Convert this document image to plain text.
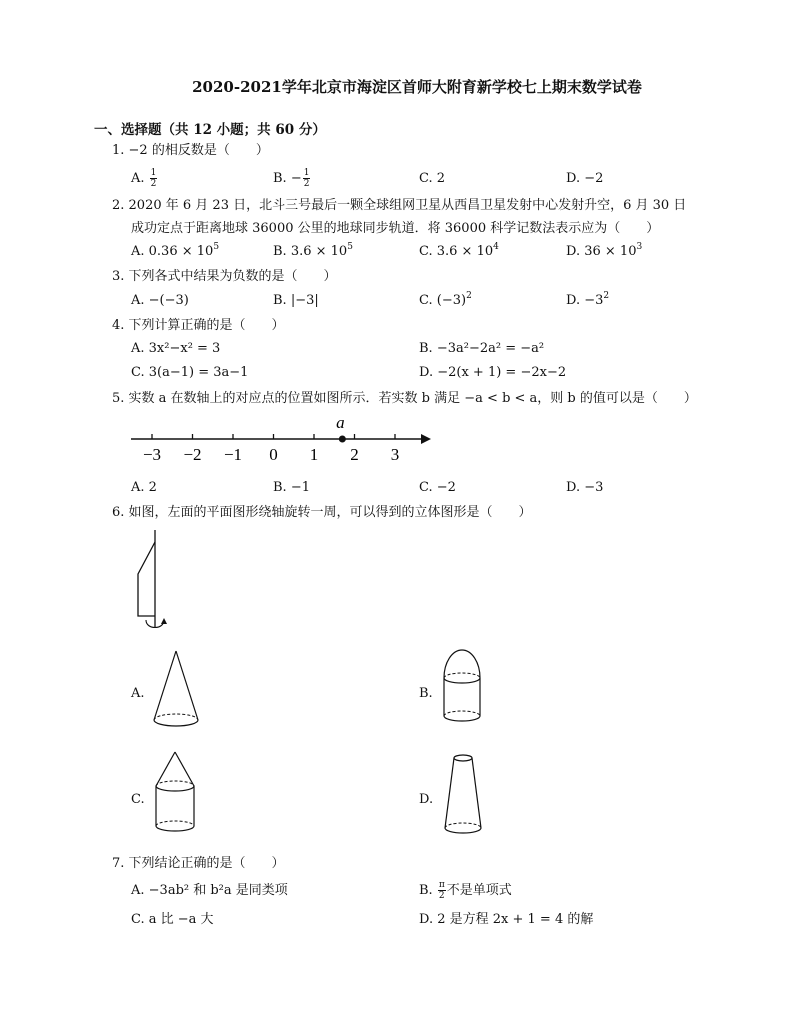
2020-2021学年北京市海淀区首师大附育新学校七上期末数学试卷
一、选择题（共 12 小题；共 60 分）
1. −2 的相反数是（　　）
A. $\frac{1}{2}$	B. − $\frac{1}{2}$	C. 2	D. −2
2. 2020 年 6 月 23 日，北斗三号最后一颗全球组网卫星从西昌卫星发射中心发射升空，6 月 30 日
成功定点于距离地球 36000 公里的地球同步轨道．将 36000 科学记数法表示应为（　　）
A. $0.36 \times 10^5$	B. $3.6 \times 10^5$	C. $3.6 \times 10^4$	D. $36 \times 10^3$
3. 下列各式中结果为负数的是（　　）
A. −(−3)	B. |−3|	C. $(-3)^2$	D. $-3^2$
4. 下列计算正确的是（　　）
A. 3x²−x² = 3	B. −3a²−2a² = −a²
C. 3(a−1) = 3a−1	D. −2(x + 1) = −2x−2
5. 实数 a 在数轴上的对应点的位置如图所示．若实数 b 满足 −a < b < a，则 b 的值可以是（　　）
−3 −2 −1 0 1 2 3
a
A. 2	B. −1	C. −2	D. −3
6. 如图，左面的平面图形绕轴旋转一周，可以得到的立体图形是（　　）
A.	B.
C.	D.
7. 下列结论正确的是（　　）
A. −3ab² 和 b²a 是同类项	B. $\frac{\pi}{2}$ 不是单项式
C. a 比 −a 大	D. 2 是方程 2x + 1 = 4 的解
